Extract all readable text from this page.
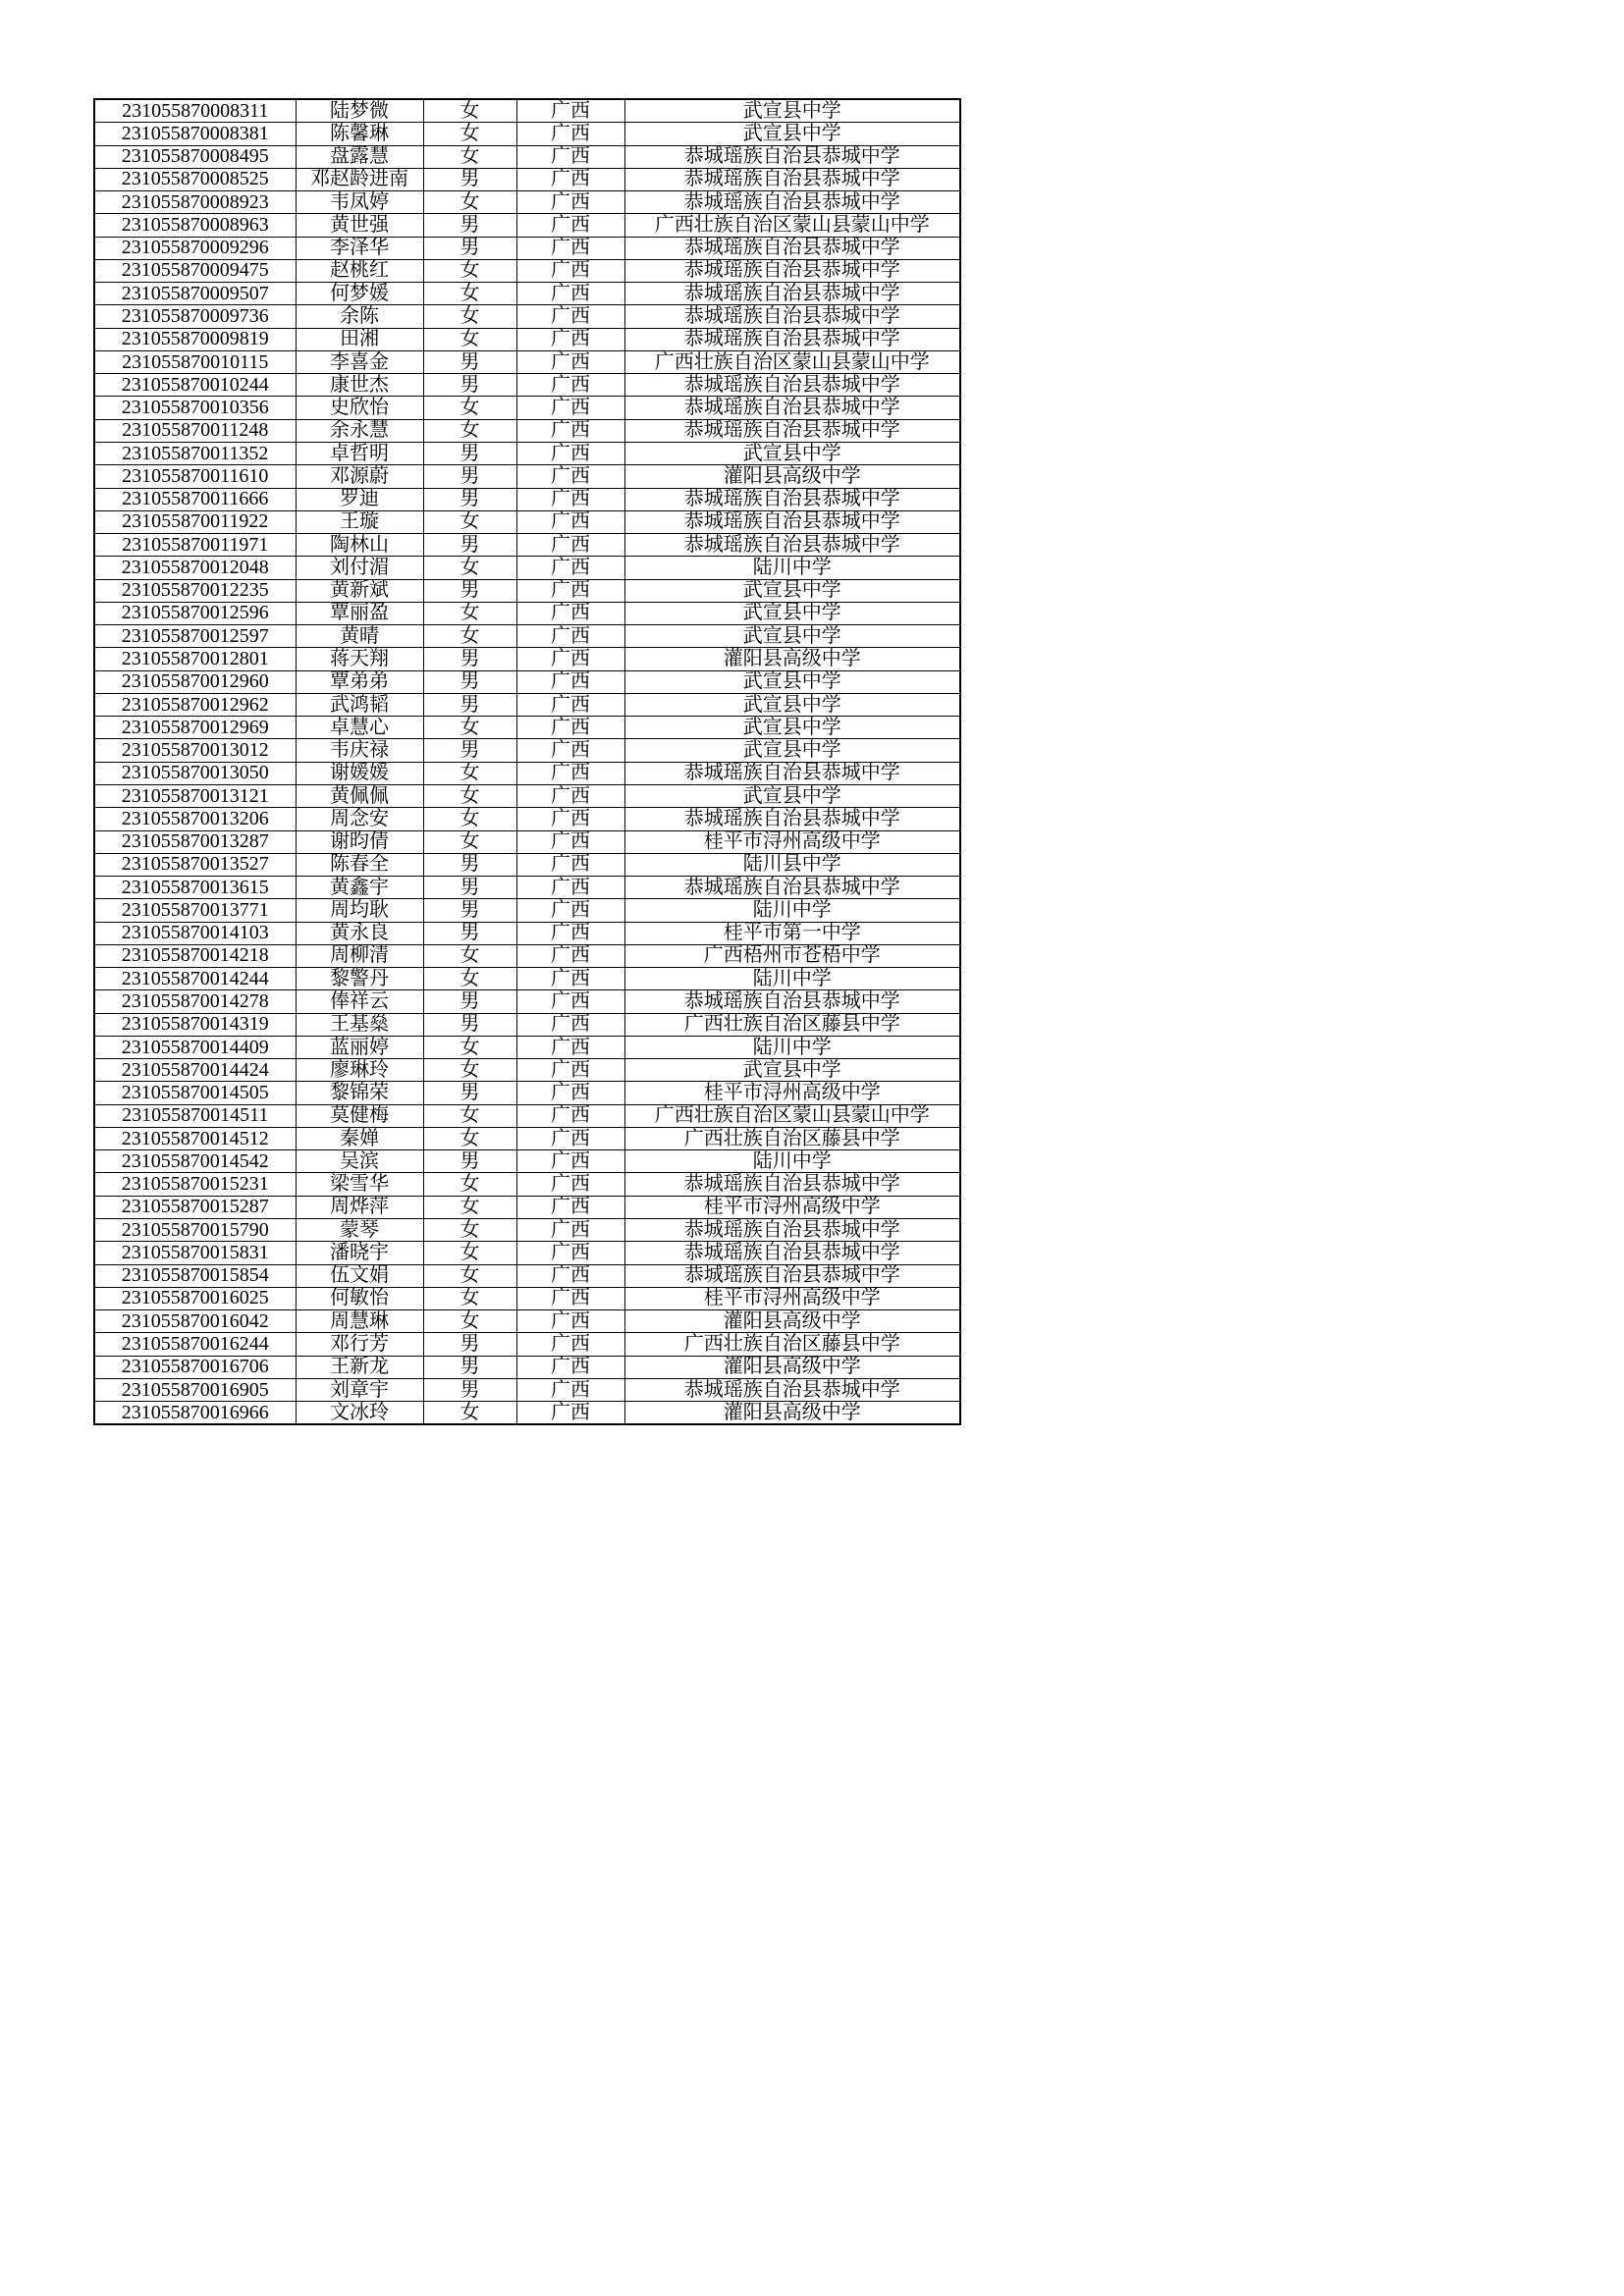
231055870008311	陆梦微	女	广西	武宣县中学
231055870008381	陈馨琳	女	广西	武宣县中学
231055870008495	盘露慧	女	广西	恭城瑶族自治县恭城中学
231055870008525	邓赵龄进南	男	广西	恭城瑶族自治县恭城中学
231055870008923	韦凤婷	女	广西	恭城瑶族自治县恭城中学
231055870008963	黄世强	男	广西	广西壮族自治区蒙山县蒙山中学
231055870009296	李泽华	男	广西	恭城瑶族自治县恭城中学
231055870009475	赵桃红	女	广西	恭城瑶族自治县恭城中学
231055870009507	何梦媛	女	广西	恭城瑶族自治县恭城中学
231055870009736	余陈	女	广西	恭城瑶族自治县恭城中学
231055870009819	田湘	女	广西	恭城瑶族自治县恭城中学
231055870010115	李喜金	男	广西	广西壮族自治区蒙山县蒙山中学
231055870010244	康世杰	男	广西	恭城瑶族自治县恭城中学
231055870010356	史欣怡	女	广西	恭城瑶族自治县恭城中学
231055870011248	余永慧	女	广西	恭城瑶族自治县恭城中学
231055870011352	卓哲明	男	广西	武宣县中学
231055870011610	邓源蔚	男	广西	灌阳县高级中学
231055870011666	罗迪	男	广西	恭城瑶族自治县恭城中学
231055870011922	王璇	女	广西	恭城瑶族自治县恭城中学
231055870011971	陶林山	男	广西	恭城瑶族自治县恭城中学
231055870012048	刘付湄	女	广西	陆川中学
231055870012235	黄新斌	男	广西	武宣县中学
231055870012596	覃丽盈	女	广西	武宣县中学
231055870012597	黄晴	女	广西	武宣县中学
231055870012801	蒋天翔	男	广西	灌阳县高级中学
231055870012960	覃弟弟	男	广西	武宣县中学
231055870012962	武鸿韬	男	广西	武宣县中学
231055870012969	卓慧心	女	广西	武宣县中学
231055870013012	韦庆禄	男	广西	武宣县中学
231055870013050	谢媛媛	女	广西	恭城瑶族自治县恭城中学
231055870013121	黄佩佩	女	广西	武宣县中学
231055870013206	周念安	女	广西	恭城瑶族自治县恭城中学
231055870013287	谢昀倩	女	广西	桂平市浔州高级中学
231055870013527	陈春全	男	广西	陆川县中学
231055870013615	黄鑫宇	男	广西	恭城瑶族自治县恭城中学
231055870013771	周均耿	男	广西	陆川中学
231055870014103	黄永良	男	广西	桂平市第一中学
231055870014218	周柳清	女	广西	广西梧州市苍梧中学
231055870014244	黎警丹	女	广西	陆川中学
231055870014278	俸祥云	男	广西	恭城瑶族自治县恭城中学
231055870014319	王基燊	男	广西	广西壮族自治区藤县中学
231055870014409	蓝丽婷	女	广西	陆川中学
231055870014424	廖琳玲	女	广西	武宣县中学
231055870014505	黎锦荣	男	广西	桂平市浔州高级中学
231055870014511	莫健梅	女	广西	广西壮族自治区蒙山县蒙山中学
231055870014512	秦婵	女	广西	广西壮族自治区藤县中学
231055870014542	吴滨	男	广西	陆川中学
231055870015231	梁雪华	女	广西	恭城瑶族自治县恭城中学
231055870015287	周烨萍	女	广西	桂平市浔州高级中学
231055870015790	蒙琴	女	广西	恭城瑶族自治县恭城中学
231055870015831	潘晓宇	女	广西	恭城瑶族自治县恭城中学
231055870015854	伍文娟	女	广西	恭城瑶族自治县恭城中学
231055870016025	何敏怡	女	广西	桂平市浔州高级中学
231055870016042	周慧琳	女	广西	灌阳县高级中学
231055870016244	邓行芳	男	广西	广西壮族自治区藤县中学
231055870016706	王新龙	男	广西	灌阳县高级中学
231055870016905	刘章宇	男	广西	恭城瑶族自治县恭城中学
231055870016966	文冰玲	女	广西	灌阳县高级中学
